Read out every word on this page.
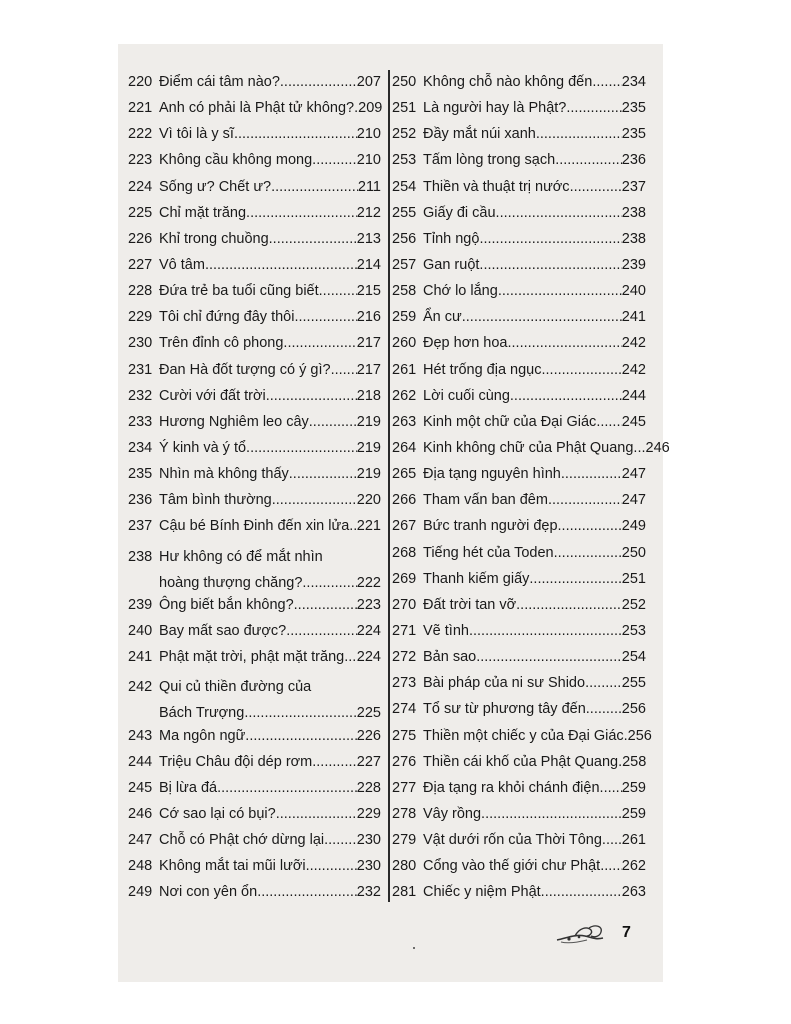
220 Điểm cái tâm nào? .....	207
221 Anh có phải là Phật tử không? ..... 209
222 Vì tôi là y sĩ .....	210
223 Không cầu không mong .....	210
224 Sống ư? Chết ư? .....	211
225 Chỉ mặt trăng .....	212
226 Khỉ trong chuồng .....	213
227 Vô tâm .....	214
228 Đứa trẻ ba tuổi cũng biết .....	215
229 Tôi chỉ đứng đây thôi .....	216
230 Trên đỉnh cô phong .....	217
231 Đan Hà đốt tượng có ý gì? ..... 217
232 Cười với đất trời .....	218
233 Hương Nghiêm leo cây .....	219
234 Ý kinh và ý tổ .....	219
235 Nhìn mà không thấy .....	219
236 Tâm bình thường .....	220
237 Cậu bé Bính Đinh đến xin lửa ..... 221
238 Hư không có để mắt nhìn
hoàng thượng chăng? .....	222
239 Ông biết bắn không? .....	223
240 Bay mất sao được? .....	224
241 Phật mặt trời, phật mặt trăng ..... 224
242 Qui củ thiền đường của
Bách Trượng .....	225
243 Ma ngôn ngữ .....	226
244 Triệu Châu đội dép rơm .....	227
245 Bị lừa đá .....	228
246 Cớ sao lại có bụi? .....	229
247 Chỗ có Phật chớ dừng lại ..... 230
248 Không mắt tai mũi lưỡi .....	230
249 Nơi con yên ổn .....	232
250 Không chỗ nào không đến ..... 234
251 Là người hay là Phật? .....	235
252 Đầy mắt núi xanh .....	235
253 Tấm lòng trong sạch .....	236
254 Thiền và thuật trị nước .....	237
255 Giấy đi cầu .....	238
256 Tỉnh ngộ .....	238
257 Gan ruột .....	239
258 Chớ lo lắng .....	240
259 Ẩn cư .....	241
260 Đẹp hơn hoa .....	242
261 Hét trống địa ngục .....	242
262 Lời cuối cùng .....	244
263 Kinh một chữ của Đại Giác ..... 245
264 Kinh không chữ của Phật Quang.. ..... 246
265 Địa tạng nguyên hình .....	247
266 Tham vấn ban đêm .....	247
267 Bức tranh người đẹp .....	249
268 Tiếng hét của Toden .....	250
269 Thanh kiếm giấy .....	251
270 Đất trời tan vỡ .....	252
271 Vẽ tình .....	253
272 Bản sao .....	254
273 Bài pháp của ni sư Shido .....	255
274 Tổ sư từ phương tây đến ..... 256
275 Thiền một chiếc y của Đại Giác ..... 256
276 Thiền cái khố của Phật Quang ..... 258
277 Địa tạng ra khỏi chánh điện ..... 259
278 Vây rồng .....	259
279 Vật dưới rốn của Thời Tông ..... 261
280 Cổng vào thế giới chư Phật ..... 262
281 Chiếc y niệm Phật .....	263
7
